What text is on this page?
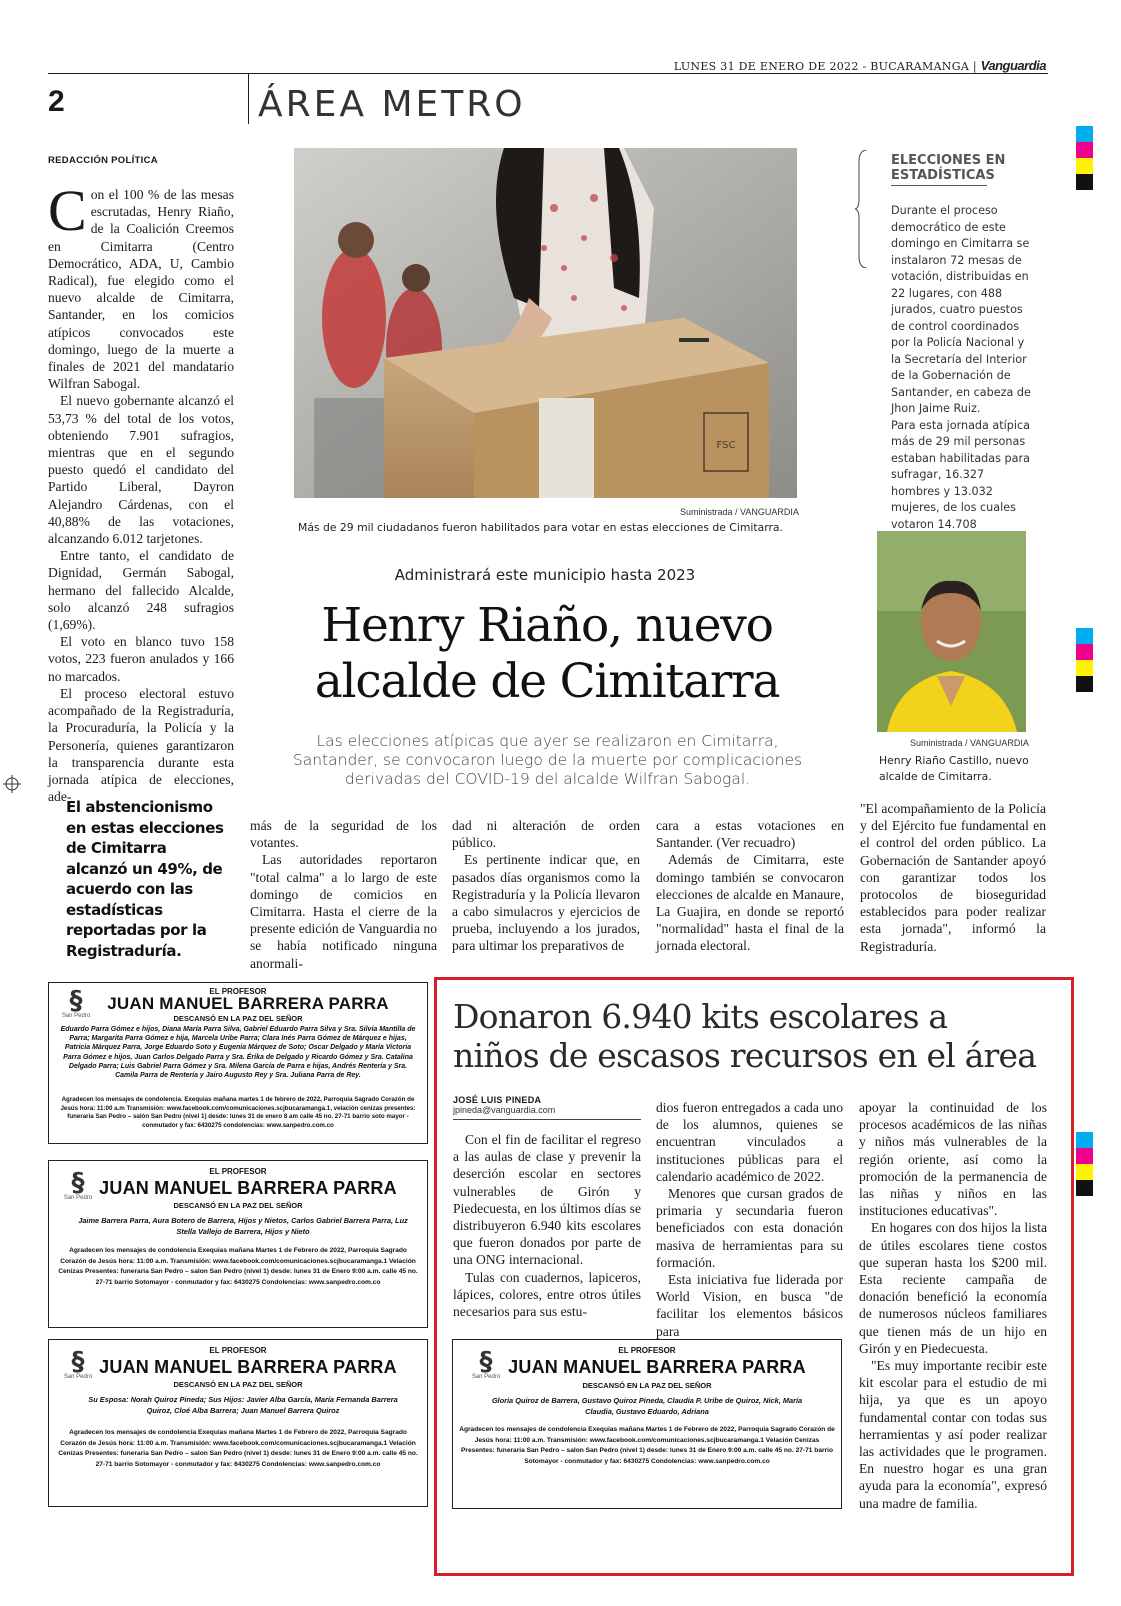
LUNES 31 DE ENERO DE 2022 - BUCARAMANGA | Vanguardia
2	ÁREA METRO
REDACCIÓN POLÍTICA

Con el 100 % de las mesas escrutadas, Henry Riaño, de la Coalición Creemos en Cimitarra (Centro Democrático, ADA, U, Cambio Radical), fue elegido como el nuevo alcalde de Cimitarra, Santander, en los comicios atípicos convocados este domingo, luego de la muerte a finales de 2021 del mandatario Wilfran Sabogal.

El nuevo gobernante alcanzó el 53,73 % del total de los votos, obteniendo 7.901 sufragios, mientras que en el segundo puesto quedó el candidato del Partido Liberal, Dayron Alejandro Cárdenas, con el 40,88% de las votaciones, alcanzando 6.012 tarjetones.

Entre tanto, el candidato de Dignidad, Germán Sabogal, hermano del fallecido Alcalde, solo alcanzó 248 sufragios (1,69%).

El voto en blanco tuvo 158 votos, 223 fueron anulados y 166 no marcados.

El proceso electoral estuvo acompañado de la Registraduría, la Procuraduría, la Policía y la Personería, quienes garantizaron la transparencia durante esta jornada atípica de elecciones, ade-

FSC
Suministrada / VANGUARDIA
Más de 29 mil ciudadanos fueron habilitados para votar en estas elecciones de Cimitarra.
Administrará este municipio hasta 2023
Henry Riaño, nuevo
alcalde de Cimitarra
Las elecciones atípicas que ayer se realizaron en Cimitarra, Santander, se convocaron luego de la muerte por complicaciones derivadas del COVID-19 del alcalde Wilfran Sabogal.
ELECCIONES EN
ESTADÍSTICAS

Durante el proceso democrático de este domingo en Cimitarra se instalaron 72 mesas de votación, distribuidas en 22 lugares, con 488 jurados, cuatro puestos de control coordinados por la Policía Nacional y la Secretaría del Interior de la Gobernación de Santander, en cabeza de Jhon Jaime Ruiz.

Para esta jornada atípica más de 29 mil personas estaban habilitadas para sufragar, 16.327 hombres y 13.032 mujeres, de los cuales votaron 14.708

Suministrada / VANGUARDIA
Henry Riaño Castillo, nuevo alcalde de Cimitarra.
El abstencionismo en estas elecciones de Cimitarra alcanzó un 49%, de acuerdo con las estadísticas reportadas por la Registraduría.

más de la seguridad de los votantes.

Las autoridades reportaron "total calma" a lo largo de este domingo de comicios en Cimitarra. Hasta el cierre de la presente edición de Vanguardia no se había notificado ninguna anormali-

dad ni alteración de orden público.

Es pertinente indicar que, en pasados días organismos como la Registraduría y la Policía llevaron a cabo simulacros y ejercicios de prueba, incluyendo a los jurados, para ultimar los preparativos de

cara a estas votaciones en Santander. (Ver recuadro)

Además de Cimitarra, este domingo también se convocaron elecciones de alcalde en Manaure, La Guajira, en donde se reportó "normalidad" hasta el final de la jornada electoral.

"El acompañamiento de la Policía y del Ejército fue fundamental en el control del orden público. La Gobernación de Santander apoyó con garantizar todos los protocolos de bioseguridad establecidos para poder realizar esta jornada", informó la Registraduría.

§
San Pedro
EL PROFESOR
JUAN MANUEL BARRERA PARRA
DESCANSÓ EN LA PAZ DEL SEÑOR
Eduardo Parra Gómez e hijos, Diana María Parra Silva, Gabriel Eduardo Parra Silva y Sra. Silvia Mantilla de Parra; Margarita Parra Gómez e hija, Marcela Uribe Parra; Clara Inés Parra Gómez de Márquez e hijas, Patricia Márquez Parra, Jorge Eduardo Soto y Eugenia Márquez de Soto; Oscar Delgado y María Victoria Parra Gómez e hijos, Juan Carlos Delgado Parra y Sra. Érika de Delgado y Ricardo Gómez y Sra. Catalina Delgado Parra; Luis Gabriel Parra Gómez y Sra. Milena García de Parra e hijas, Andrés Rentería y Sra. Camila Parra de Rentería y Jairo Augusto Rey y Sra. Juliana Parra de Rey.
Agradecen los mensajes de condolencia. Exequias mañana martes 1 de febrero de 2022, Parroquia Sagrado Corazón de Jesús hora: 11:00 a.m Transmisión: www.facebook.com/comunicaciones.scjbucaramanga.1, velación cenizas presentes: funeraria San Pedro – salón San Pedro (nivel 1) desde: lunes 31 de enero 8 am calle 45 no. 27-71 barrio soto mayor - conmutador y fax: 6430275 condolencias: www.sanpedro.com.co
§
San Pedro
EL PROFESOR
JUAN MANUEL BARRERA PARRA
DESCANSÓ EN LA PAZ DEL SEÑOR
Jaime Barrera Parra, Aura Botero de Barrera, Hijos y Nietos, Carlos Gabriel Barrera Parra, Luz Stella Vallejo de Barrera, Hijos y Nieto
Agradecen los mensajes de condolencia Exequias mañana Martes 1 de Febrero de 2022, Parroquia Sagrado Corazón de Jesús hora: 11:00 a.m. Transmisión: www.facebook.com/comunicaciones.scjbucaramanga.1 Velación Cenizas Presentes: funeraria San Pedro – salon San Pedro (nivel 1) desde: lunes 31 de Enero 9:00 a.m. calle 45 no. 27-71 barrio Sotomayor - conmutador y fax: 6430275 Condolencias: www.sanpedro.com.co
§
San Pedro
EL PROFESOR
JUAN MANUEL BARRERA PARRA
DESCANSÓ EN LA PAZ DEL SEÑOR
Su Esposa: Norah Quiroz Pineda; Sus Hijos: Javier Alba García, María Fernanda Barrera Quiroz, Cloé Alba Barrera; Juan Manuel Barrera Quiroz
Agradecen los mensajes de condolencia Exequias mañana Martes 1 de Febrero de 2022, Parroquia Sagrado Corazón de Jesús hora: 11:00 a.m. Transmisión: www.facebook.com/comunicaciones.scjbucaramanga.1 Velación Cenizas Presentes: funeraria San Pedro – salon San Pedro (nivel 1) desde: lunes 31 de Enero 9:00 a.m. calle 45 no. 27-71 barrio Sotomayor - conmutador y fax: 6430275 Condolencias: www.sanpedro.com.co
Donaron 6.940 kits escolares a
niños de escasos recursos en el área
JOSÉ LUIS PINEDA
jpineda@vanguardia.com

Con el fin de facilitar el regreso a las aulas de clase y prevenir la deserción escolar en sectores vulnerables de Girón y Piedecuesta, en los últimos días se distribuyeron 6.940 kits escolares que fueron donados por parte de una ONG internacional.

Tulas con cuadernos, lapiceros, lápices, colores, entre otros útiles necesarios para sus estu-

dios fueron entregados a cada uno de los alumnos, quienes se encuentran vinculados a instituciones públicas para el calendario académico de 2022.

Menores que cursan grados de primaria y secundaria fueron beneficiados con esta donación masiva de herramientas para su formación.

Esta iniciativa fue liderada por World Vision, en busca "de facilitar los elementos básicos para

apoyar la continuidad de los procesos académicos de las niñas y niños más vulnerables de la región oriente, así como la promoción de la permanencia de las niñas y niños en las instituciones educativas".

En hogares con dos hijos la lista de útiles escolares tiene costos que superan hasta los $200 mil. Esta reciente campaña de donación benefició la economía de numerosos núcleos familiares que tienen más de un hijo en Girón y en Piedecuesta.

"Es muy importante recibir este kit escolar para el estudio de mi hija, ya que es un apoyo fundamental contar con todas sus herramientas y así poder realizar las actividades que le programen. En nuestro hogar es una gran ayuda para la economía", expresó una madre de familia.

§
San Pedro
EL PROFESOR
JUAN MANUEL BARRERA PARRA
DESCANSÓ EN LA PAZ DEL SEÑOR
Gloria Quiroz de Barrera, Gustavo Quiroz Pineda, Claudia P. Uribe de Quiroz, Nick, María Claudia, Gustavo Eduardo, Adriana
Agradecen los mensajes de condolencia Exequias mañana Martes 1 de Febrero de 2022, Parroquia Sagrado Corazón de Jesús hora: 11:00 a.m. Transmisión: www.facebook.com/comunicaciones.scjbucaramanga.1 Velación Cenizas Presentes: funeraria San Pedro – salon San Pedro (nivel 1) desde: lunes 31 de Enero 9:00 a.m. calle 45 no. 27-71 barrio Sotomayor - conmutador y fax: 6430275 Condolencias: www.sanpedro.com.co
